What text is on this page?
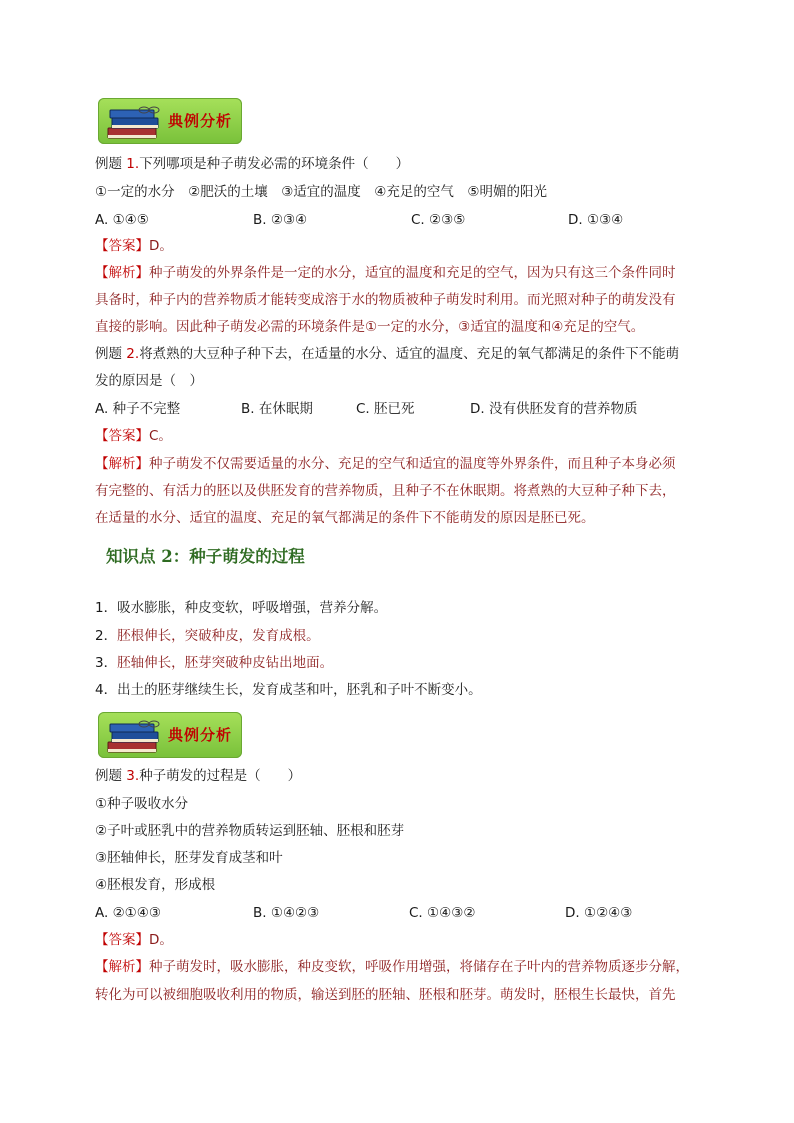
典例分析
例题 1.下列哪项是种子萌发必需的环境条件（　　）
①一定的水分　②肥沃的土壤　③适宜的温度　④充足的空气　⑤明媚的阳光
A. ①④⑤	B. ②③④	C. ②③⑤	D. ①③④
【答案】D。
【解析】种子萌发的外界条件是一定的水分，适宜的温度和充足的空气，因为只有这三个条件同时
具备时，种子内的营养物质才能转变成溶于水的物质被种子萌发时利用。而光照对种子的萌发没有
直接的影响。因此种子萌发必需的环境条件是①一定的水分，③适宜的温度和④充足的空气。
例题 2.将煮熟的大豆种子种下去，在适量的水分、适宜的温度、充足的氧气都满足的条件下不能萌
发的原因是（　）
A. 种子不完整	B. 在休眠期	C. 胚已死	D. 没有供胚发育的营养物质
【答案】C。
【解析】种子萌发不仅需要适量的水分、充足的空气和适宜的温度等外界条件，而且种子本身必须
有完整的、有活力的胚以及供胚发育的营养物质，且种子不在休眠期。将煮熟的大豆种子种下去，
在适量的水分、适宜的温度、充足的氧气都满足的条件下不能萌发的原因是胚已死。
知识点 2：种子萌发的过程
1．吸水膨胀，种皮变软，呼吸增强，营养分解。
2．胚根伸长，突破种皮，发育成根。
3．胚轴伸长，胚芽突破种皮钻出地面。
4．出土的胚芽继续生长，发育成茎和叶，胚乳和子叶不断变小。
典例分析
例题 3.种子萌发的过程是（　　）
①种子吸收水分
②子叶或胚乳中的营养物质转运到胚轴、胚根和胚芽
③胚轴伸长，胚芽发育成茎和叶
④胚根发育，形成根
A. ②①④③	B. ①④②③	C. ①④③②	D. ①②④③
【答案】D。
【解析】种子萌发时，吸水膨胀，种皮变软，呼吸作用增强，将储存在子叶内的营养物质逐步分解，
转化为可以被细胞吸收利用的物质，输送到胚的胚轴、胚根和胚芽。萌发时，胚根生长最快，首先
